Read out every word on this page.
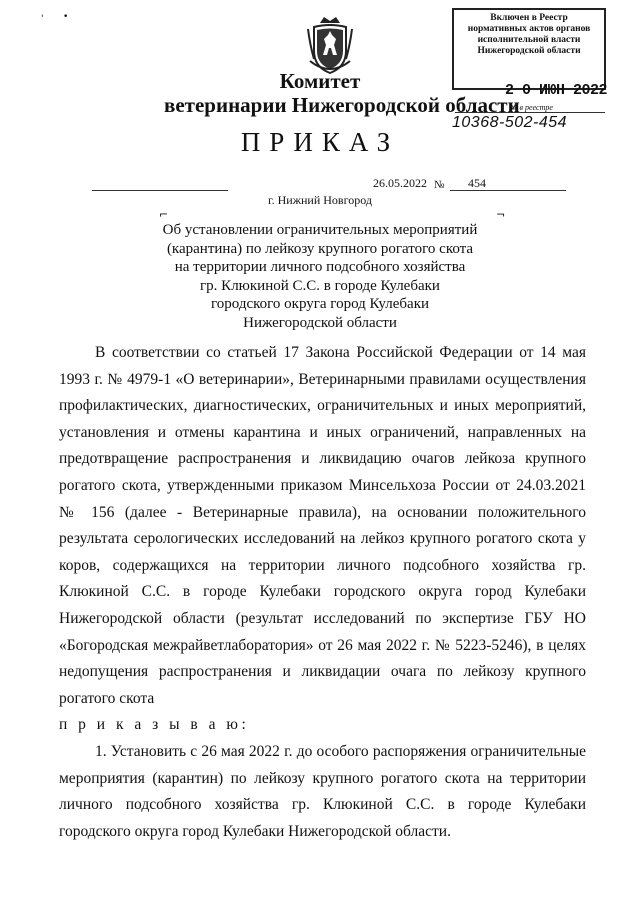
' •	Включен в Реестр
нормативных актов органов
исполнительной власти
Нижегородской области
2 0 ИЮН 2022
№ в реестре
10368-502-454
Комитет
ветеринарии Нижегородской области
ПРИКАЗ
26.05.2022 № 454
г. Нижний Новгород
⌐	¬
Об установлении ограничительных мероприятий
(карантина) по лейкозу крупного рогатого скота
на территории личного подсобного хозяйства
гр. Клюкиной С.С. в городе Кулебаки
городского округа город Кулебаки
Нижегородской области

В соответствии со статьей 17 Закона Российской Федерации от 14 мая 1993 г. № 4979-1 «О ветеринарии», Ветеринарными правилами осуществления профилактических, диагностических, ограничительных и иных мероприятий, установления и отмены карантина и иных ограничений, направленных на предотвращение распространения и ликвидацию очагов лейкоза крупного рогатого скота, утвержденными приказом Минсельхоза России от 24.03.2021 № 156 (далее - Ветеринарные правила), на основании положительного результата серологических исследований на лейкоз крупного рогатого скота у коров, содержащихся на территории личного подсобного хозяйства гр. Клюкиной С.С. в городе Кулебаки городского округа город Кулебаки Нижегородской области (результат исследований по экспертизе ГБУ НО «Богородская межрайветлаборатория» от 26 мая 2022 г. № 5223-5246), в целях недопущения распространения и ликвидации очага по лейкозу крупного рогатого скота

п р и к а з ы в а ю:

1. Установить с 26 мая 2022 г. до особого распоряжения ограничительные мероприятия (карантин) по лейкозу крупного рогатого скота на территории личного подсобного хозяйства гр. Клюкиной С.С. в городе Кулебаки городского округа город Кулебаки Нижегородской области.
